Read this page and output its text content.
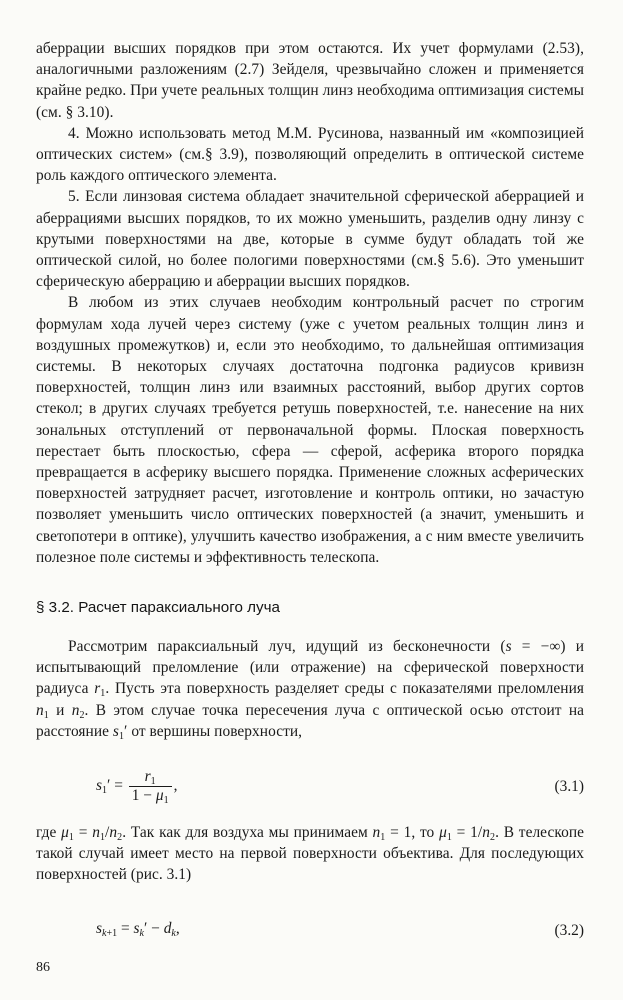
аберрации высших порядков при этом остаются. Их учет формулами (2.53), аналогичными разложениям (2.7) Зейделя, чрезвычайно сложен и применяется крайне редко. При учете реальных толщин линз необходима оптимизация системы (см. § 3.10).

4. Можно использовать метод М.М. Русинова, названный им «композицией оптических систем» (см.§ 3.9), позволяющий определить в оптической системе роль каждого оптического элемента.

5. Если линзовая система обладает значительной сферической аберрацией и аберрациями высших порядков, то их можно уменьшить, разделив одну линзу с крутыми поверхностями на две, которые в сумме будут обладать той же оптической силой, но более пологими поверхностями (см.§ 5.6). Это уменьшит сферическую аберрацию и аберрации высших порядков.

В любом из этих случаев необходим контрольный расчет по строгим формулам хода лучей через систему (уже с учетом реальных толщин линз и воздушных промежутков) и, если это необходимо, то дальнейшая оптимизация системы. В некоторых случаях достаточна подгонка радиусов кривизн поверхностей, толщин линз или взаимных расстояний, выбор других сортов стекол; в других случаях требуется ретушь поверхностей, т.е. нанесение на них зональных отступлений от первоначальной формы. Плоская поверхность перестает быть плоскостью, сфера — сферой, асферика второго порядка превращается в асферику высшего порядка. Применение сложных асферических поверхностей затрудняет расчет, изготовление и контроль оптики, но зачастую позволяет уменьшить число оптических поверхностей (а значит, уменьшить и светопотери в оптике), улучшить качество изображения, а с ним вместе увеличить полезное поле системы и эффективность телескопа.

§ 3.2. Расчет параксиального луча

Рассмотрим параксиальный луч, идущий из бесконечности (s = −∞) и испытывающий преломление (или отражение) на сферической поверхности радиуса $r_1$. Пусть эта поверхность разделяет среды с показателями преломления $n_1$ и $n_2$. В этом случае точка пересечения луча с оптической осью отстоит на расстояние $s_1'$ от вершины поверхности,

$s_1' = \frac{r_1}{1 - \mu_1}$ ,	(3.1)

где $\mu_1 = n_1/n_2$. Так как для воздуха мы принимаем $n_1 = 1$, то $\mu_1 = 1/n_2$. В телескопе такой случай имеет место на первой поверхности объектива. Для последующих поверхностей (рис. 3.1)

$s_{k+1} = s_k' - d_k$,	(3.2)
86
